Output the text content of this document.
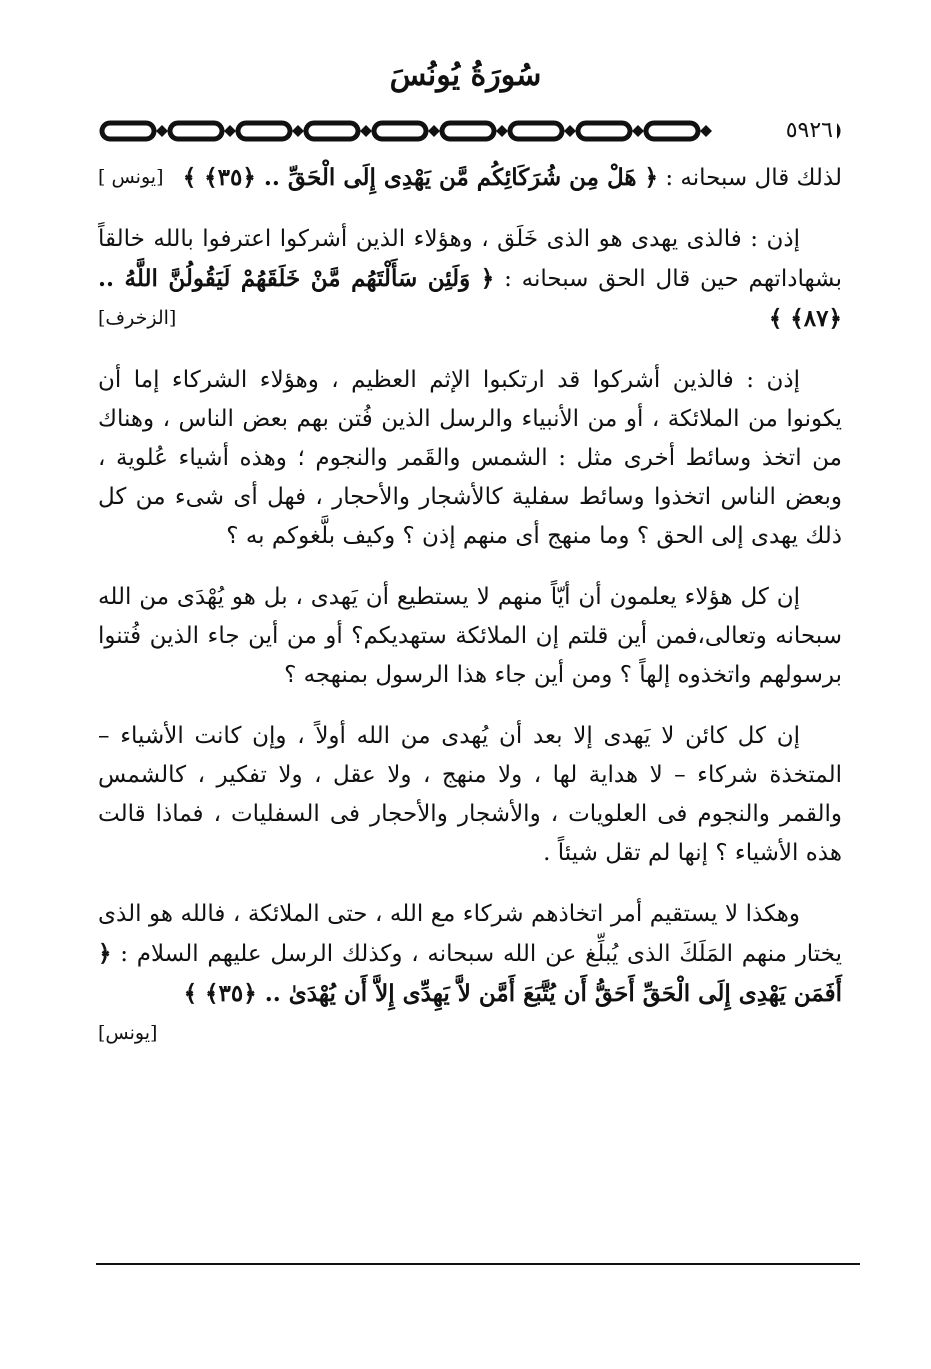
سُورَةُ يُونُسَ
٥٩٢٦

لذلك قال سبحانه : ﴿ هَلْ مِن شُرَكَائِكُم مَّن يَهْدِى إِلَى الْحَقِّ .. ﴿٣٥﴾ ﴾
[يونس ]

إذن : فالذى يهدى هو الذى خَلَق ، وهؤلاء الذين أشركوا اعترفوا بالله خالقاً بشهاداتهم حين قال الحق سبحانه : ﴿ وَلَئِن سَأَلْتَهُم مَّنْ خَلَقَهُمْ لَيَقُولُنَّ اللَّهُ .. ﴿٨٧﴾ ﴾
[الزخرف]

إذن : فالذين أشركوا قد ارتكبوا الإثم العظيم ، وهؤلاء الشركاء إما أن يكونوا من الملائكة ، أو من الأنبياء والرسل الذين فُتن بهم بعض الناس ، وهناك من اتخذ وسائط أخرى مثل : الشمس والقَمر والنجوم ؛ وهذه أشياء عُلوية ، وبعض الناس اتخذوا وسائط سفلية كالأشجار والأحجار ، فهل أى شىء من كل ذلك يهدى إلى الحق ؟ وما منهج أى منهم إذن ؟ وكيف بلَّغوكم به ؟

إن كل هؤلاء يعلمون أن أيّاً منهم لا يستطيع أن يَهدى ، بل هو يُهْدَى من الله سبحانه وتعالى،فمن أين قلتم إن الملائكة ستهديكم؟ أو من أين جاء الذين فُتنوا برسولهم واتخذوه إلهاً ؟ ومن أين جاء هذا الرسول بمنهجه ؟

إن كل كائن لا يَهدى إلا بعد أن يُهدى من الله أولاً ، وإن كانت الأشياء – المتخذة شركاء – لا هداية لها ، ولا منهج ، ولا عقل ، ولا تفكير ، كالشمس والقمر والنجوم فى العلويات ، والأشجار والأحجار فى السفليات ، فماذا قالت هذه الأشياء ؟ إنها لم تقل شيئاً .

وهكذا لا يستقيم أمر اتخاذهم شركاء مع الله ، حتى الملائكة ، فالله هو الذى يختار منهم المَلَكَ الذى يُبلِّغ عن الله سبحانه ، وكذلك الرسل عليهم السلام : ﴿ أَفَمَن يَهْدِى إِلَى الْحَقِّ أَحَقُّ أَن يُتَّبَعَ أَمَّن لاَّ يَهِدِّى إِلاَّ أَن يُهْدَىٰ .. ﴿٣٥﴾ ﴾
[يونس]
